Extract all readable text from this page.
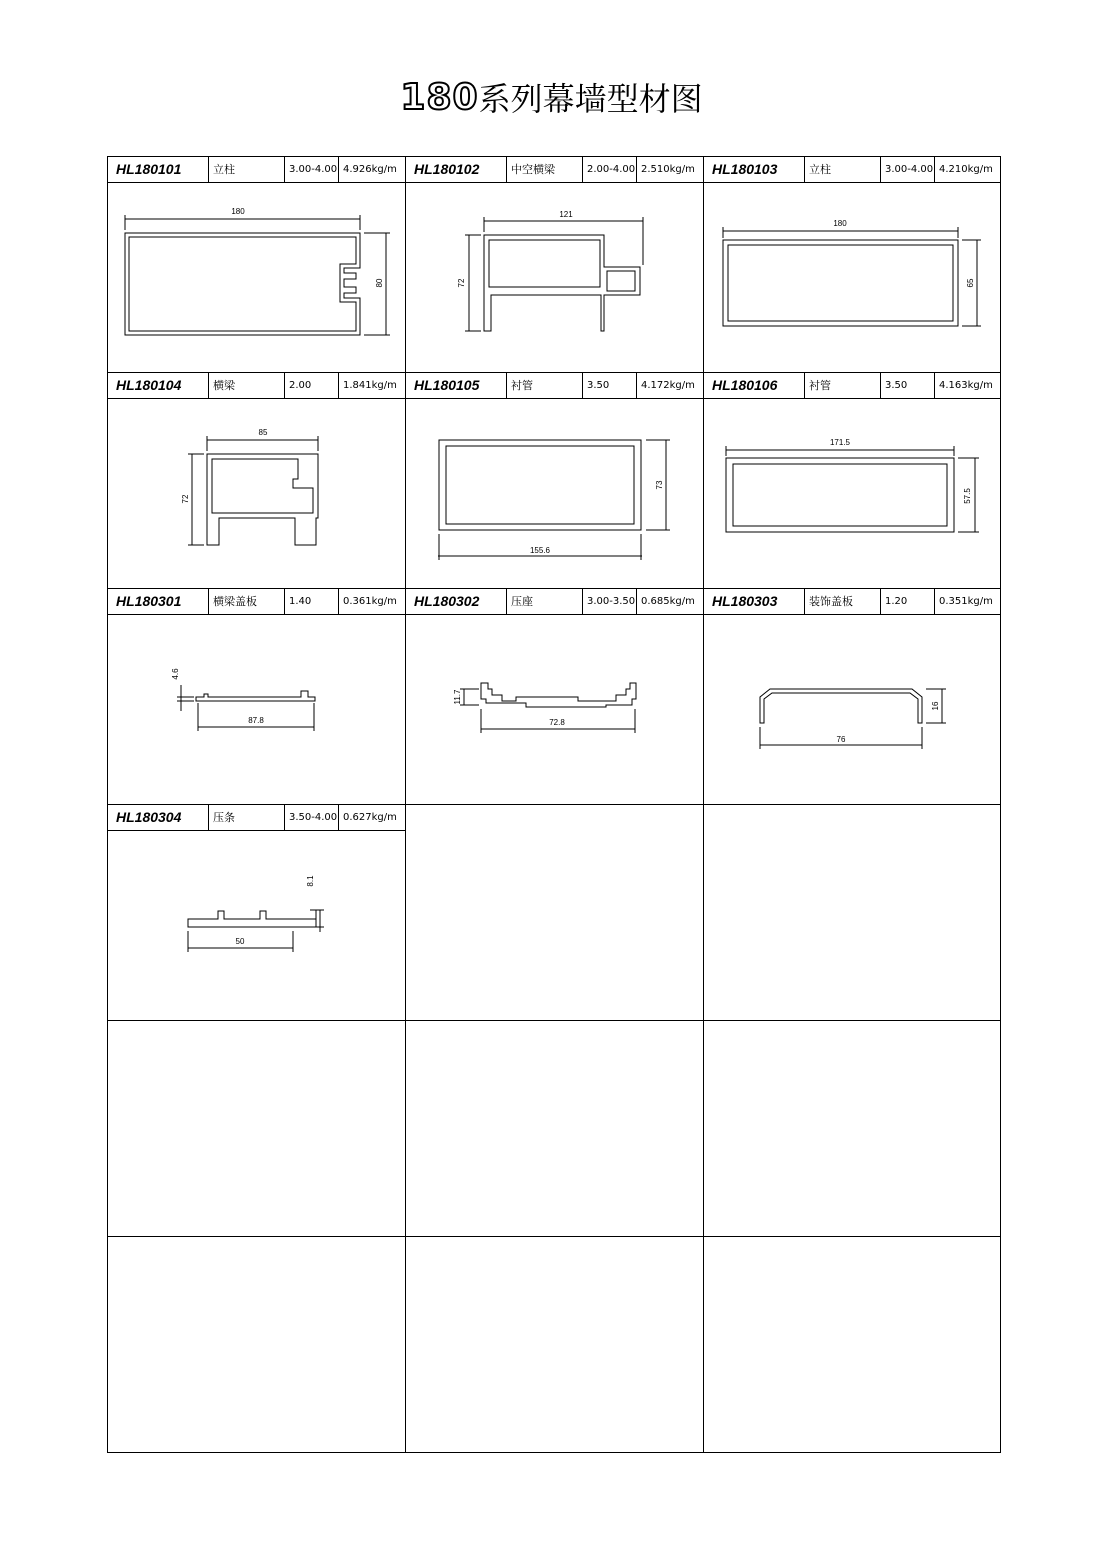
180系列幕墙型材图
HL180101	立柱	3.00-4.00 4.926kg/m	HL180102	中空横梁	2.00-4.00 2.510kg/m	HL180103	立柱	3.00-4.00 4.210kg/m
HL180104	横梁	2.00	1.841kg/m	HL180105	衬管	3.50	4.172kg/m	HL180106	衬管	3.50	4.163kg/m
HL180301	横梁盖板	1.40	0.361kg/m	HL180302	压座	3.00-3.50 0.685kg/m	HL180303	装饰盖板	1.20	0.351kg/m
HL180304	压条	3.50-4.00 0.627kg/m
180
80
121
72
180
65
85
72
155.6
73
171.5
57.5
87.8
4.6
72.8
11.7
76
16
50
8.1
